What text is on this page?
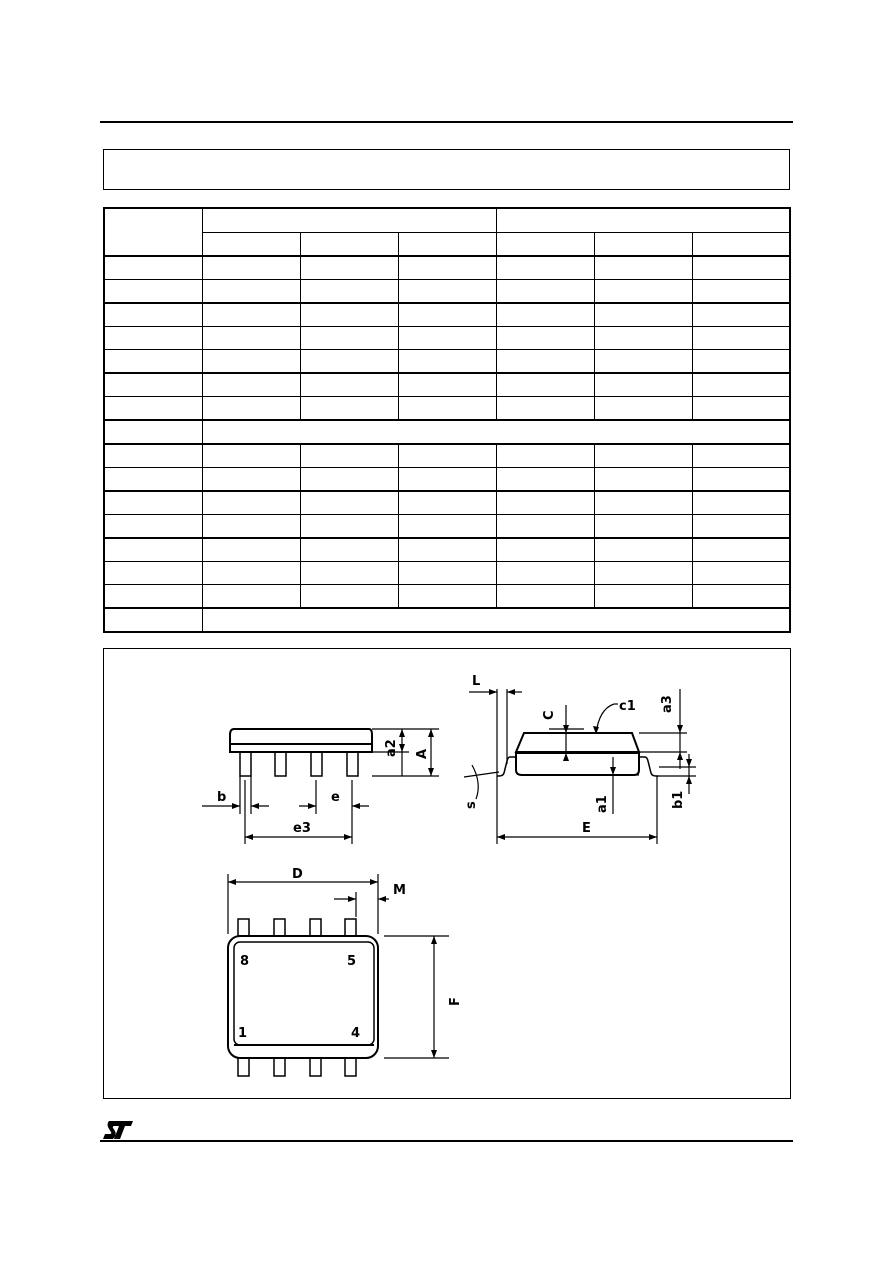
L
C
c1 a3
a2 A
s	a1	b1
E
b	e
e3
D
M
F
8	5
1	4
